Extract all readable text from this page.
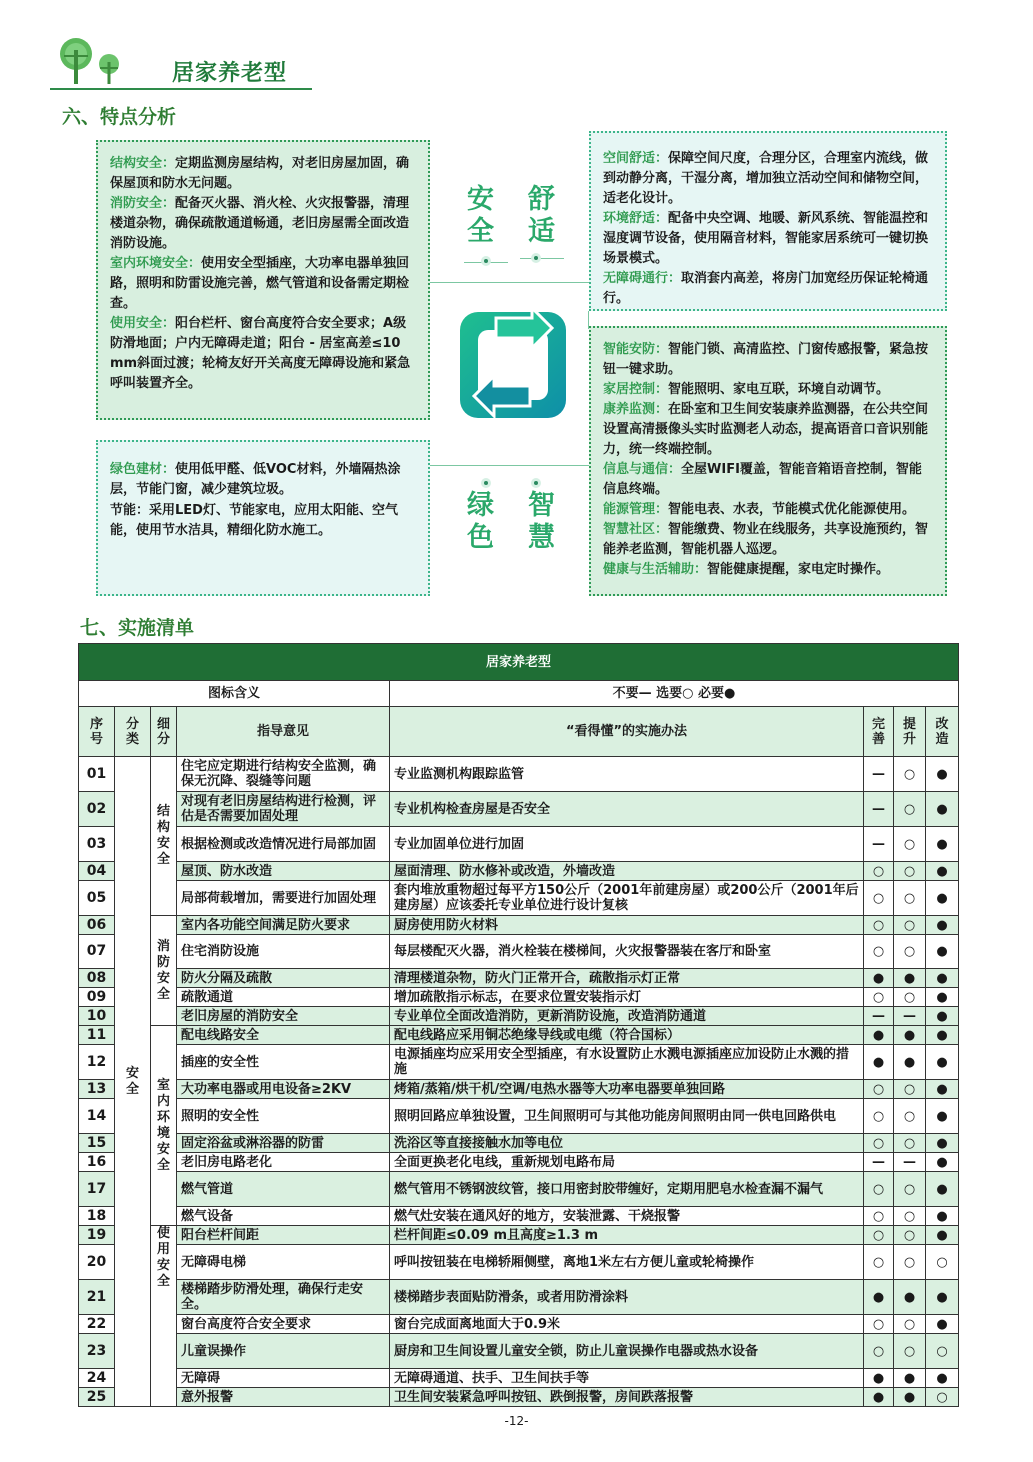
居家养老型
六、特点分析

结构安全：定期监测房屋结构，对老旧房屋加固，确保屋顶和防水无问题。

消防安全：配备灭火器、消火栓、火灾报警器，清理楼道杂物，确保疏散通道畅通，老旧房屋需全面改造消防设施。

室内环境安全：使用安全型插座，大功率电器单独回路，照明和防雷设施完善，燃气管道和设备需定期检查。

使用安全：阳台栏杆、窗台高度符合安全要求；A级防滑地面；户内无障碍走道；阳台 - 居室高差≤10 mm斜面过渡；轮椅友好开关高度无障碍设施和紧急呼叫装置齐全。

空间舒适：保障空间尺度，合理分区，合理室内流线，做到动静分离，干湿分离，增加独立活动空间和储物空间，适老化设计。

环境舒适：配备中央空调、地暖、新风系统、智能温控和湿度调节设备，使用隔音材料，智能家居系统可一键切换场景模式。

无障碍通行：取消套内高差，将房门加宽经历保证轮椅通行。

绿色建材：使用低甲醛、低VOC材料，外墙隔热涂层，节能门窗，减少建筑垃圾。

节能：采用LED灯、节能家电，应用太阳能、空气能，使用节水洁具，精细化防水施工。

智能安防：智能门锁、高清监控、门窗传感报警，紧急按钮一键求助。

家居控制：智能照明、家电互联，环境自动调节。

康养监测：在卧室和卫生间安装康养监测器，在公共空间设置高清摄像头实时监测老人动态，提高语音口音识别能力，统一终端控制。

信息与通信：全屋WIFI覆盖，智能音箱语音控制，智能信息终端。

能源管理：智能电表、水表，节能模式优化能源使用。

智慧社区：智能缴费、物业在线服务，共享设施预约，智能养老监测，智能机器人巡逻。

健康与生活辅助：智能健康提醒，家电定时操作。

安
全
舒
适
绿
色
智
慧
七、实施清单
居家养老型							
图标含义				不要— 选要○ 必要●			

序号	分类	细分	指导意见	“看得懂”的实施办法	完善	提升	改造
01	安全	结构安全	住宅应定期进行结构安全监测，确保无沉降、裂缝等问题	专业监测机构跟踪监管	—	○	●
02			对现有老旧房屋结构进行检测，评估是否需要加固处理	专业机构检查房屋是否安全	—	○	●
03			根据检测或改造情况进行局部加固	专业加固单位进行加固	—	○	●
04			屋顶、防水改造	屋面清理、防水修补或改造，外墙改造	○	○	●
05			局部荷载增加，需要进行加固处理	套内堆放重物超过每平方150公斤（2001年前建房屋）或200公斤（2001年后建房屋）应该委托专业单位进行设计复核	○	○	●
06		消防安全	室内各功能空间满足防火要求	厨房使用防火材料	○	○	●
07			住宅消防设施	每层楼配灭火器，消火栓装在楼梯间，火灾报警器装在客厅和卧室	○	○	●
08			防火分隔及疏散	清理楼道杂物，防火门正常开合，疏散指示灯正常	●	●	●
09			疏散通道	增加疏散指示标志，在要求位置安装指示灯	○	○	●
10			老旧房屋的消防安全	专业单位全面改造消防，更新消防设施，改造消防通道	—	—	●
11		室内环境安全	配电线路安全	配电线路应采用铜芯绝缘导线或电缆（符合国标）	●	●	●
12			插座的安全性	电源插座均应采用安全型插座，有水设置防止水溅电源插座应加设防止水溅的措施	●	●	●
13			大功率电器或用电设备≥2KV	烤箱/蒸箱/烘干机/空调/电热水器等大功率电器要单独回路	○	○	●
14			照明的安全性	照明回路应单独设置，卫生间照明可与其他功能房间照明由同一供电回路供电	○	○	●
15			固定浴盆或淋浴器的防雷	洗浴区等直接接触水加等电位	○	○	●
16			老旧房电路老化	全面更换老化电线，重新规划电路布局	—	—	●
17			燃气管道	燃气管用不锈钢波纹管，接口用密封胶带缠好，定期用肥皂水检查漏不漏气	○	○	●
18			燃气设备	燃气灶安装在通风好的地方，安装泄露、干烧报警	○	○	●
19		使用安全	阳台栏杆间距	栏杆间距≤0.09 m且高度≥1.3 m	○	○	●
20			无障碍电梯	呼叫按钮装在电梯轿厢侧壁，离地1米左右方便儿童或轮椅操作	○	○	○
21			楼梯踏步防滑处理，确保行走安全。	楼梯踏步表面贴防滑条，或者用防滑涂料	●	●	●
22			窗台高度符合安全要求	窗台完成面离地面大于0.9米	○	○	●
23			儿童误操作	厨房和卫生间设置儿童安全锁，防止儿童误操作电器或热水设备	○	○	○
24			无障碍	无障碍通道、扶手、卫生间扶手等	●	●	●
25			意外报警	卫生间安装紧急呼叫按钮、跌倒报警，房间跌落报警	●	●	○
-12-
